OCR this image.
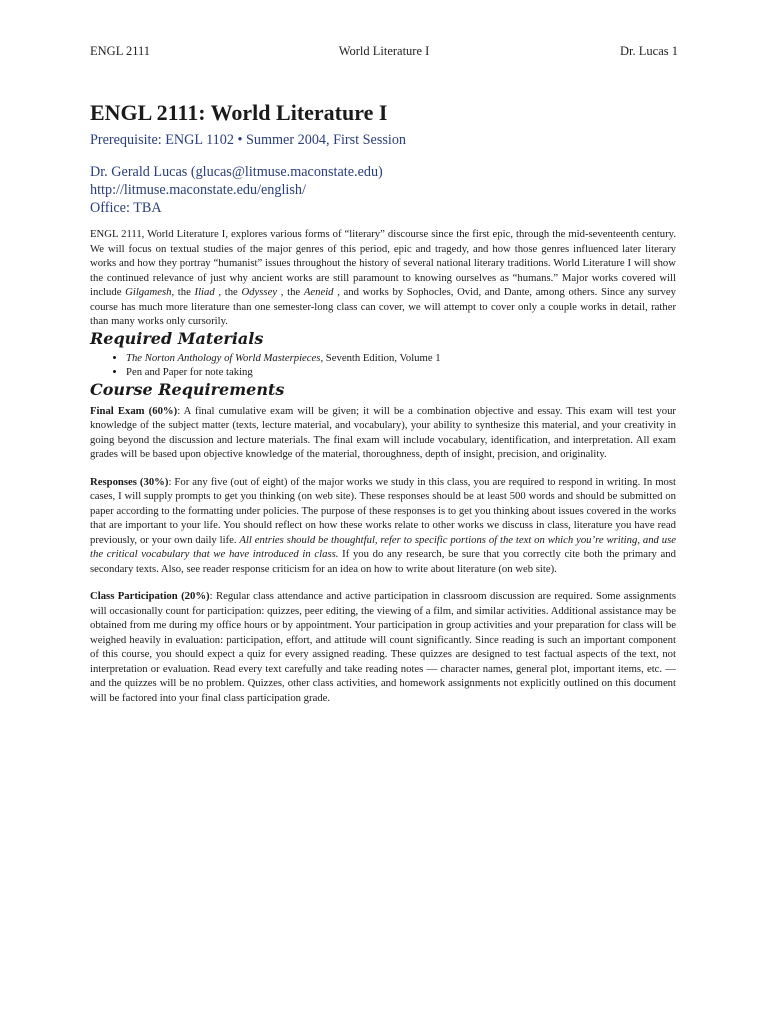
ENGL 2111	World Literature I	Dr. Lucas 1
ENGL 2111: World Literature I
Prerequisite: ENGL 1102 • Summer 2004, First Session
Dr. Gerald Lucas (glucas@litmuse.maconstate.edu)
http://litmuse.maconstate.edu/english/
Office: TBA

ENGL 2111, World Literature I, explores various forms of “literary” discourse since the first epic, through the mid-seventeenth century. We will focus on textual studies of the major genres of this period, epic and tragedy, and how those genres influenced later literary works and how they portray “humanist” issues throughout the history of several national literary traditions. World Literature I will show the continued relevance of just why ancient works are still paramount to knowing ourselves as “humans.” Major works covered will include Gilgamesh, the Iliad , the Odyssey , the Aeneid , and works by Sophocles, Ovid, and Dante, among others. Since any survey course has much more literature than one semester-long class can cover, we will attempt to cover only a couple works in detail, rather than many works only cursorily.

Required Materials
• The Norton Anthology of World Masterpieces, Seventh Edition, Volume 1
• Pen and Paper for note taking
Course Requirements
Final Exam (60%): A final cumulative exam will be given; it will be a combination objective and essay. This exam will test your knowledge of the subject matter (texts, lecture material, and vocabulary), your ability to synthesize this material, and your creativity in going beyond the discussion and lecture materials. The final exam will include vocabulary, identification, and interpretation. All exam grades will be based upon objective knowledge of the material, thoroughness, depth of insight, precision, and originality.
Responses (30%): For any five (out of eight) of the major works we study in this class, you are required to respond in writing. In most cases, I will supply prompts to get you thinking (on web site). These responses should be at least 500 words and should be submitted on paper according to the formatting under policies. The purpose of these responses is to get you thinking about issues covered in the works that are important to your life. You should reflect on how these works relate to other works we discuss in class, literature you have read previously, or your own daily life. All entries should be thoughtful, refer to specific portions of the text on which you’re writing, and use the critical vocabulary that we have introduced in class. If you do any research, be sure that you correctly cite both the primary and secondary texts. Also, see reader response criticism for an idea on how to write about literature (on web site).
Class Participation (20%): Regular class attendance and active participation in classroom discussion are required. Some assignments will occasionally count for participation: quizzes, peer editing, the viewing of a film, and similar activities. Additional assistance may be obtained from me during my office hours or by appointment. Your participation in group activities and your preparation for class will be weighed heavily in evaluation: participation, effort, and attitude will count significantly. Since reading is such an important component of this course, you should expect a quiz for every assigned reading. These quizzes are designed to test factual aspects of the text, not interpretation or evaluation. Read every text carefully and take reading notes — character names, general plot, important items, etc. — and the quizzes will be no problem. Quizzes, other class activities, and homework assignments not explicitly outlined on this document will be factored into your final class participation grade.
